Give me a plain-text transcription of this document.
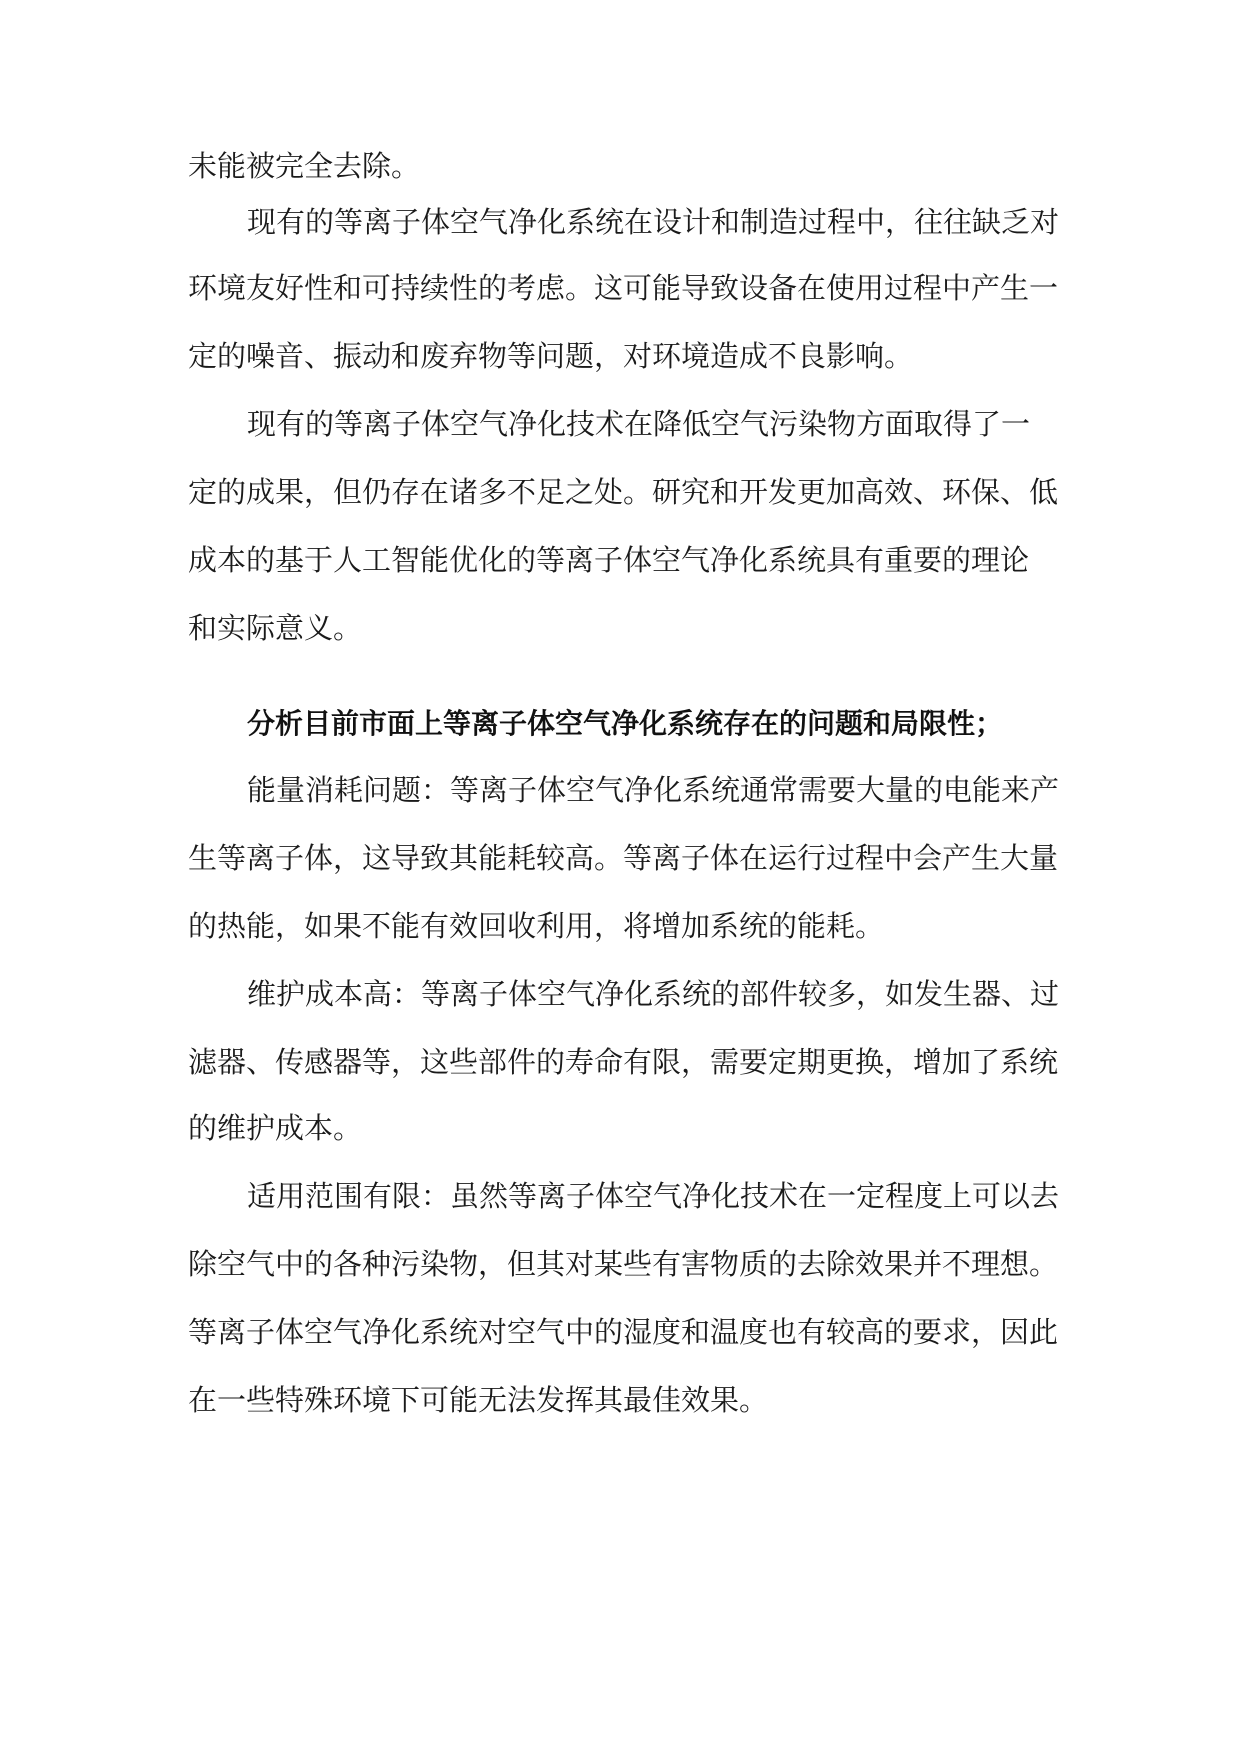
未能被完全去除。

现有的等离子体空气净化系统在设计和制造过程中，往往缺乏对

环境友好性和可持续性的考虑。这可能导致设备在使用过程中产生一

定的噪音、振动和废弃物等问题，对环境造成不良影响。

现有的等离子体空气净化技术在降低空气污染物方面取得了一

定的成果，但仍存在诸多不足之处。研究和开发更加高效、环保、低

成本的基于人工智能优化的等离子体空气净化系统具有重要的理论

和实际意义。

分析目前市面上等离子体空气净化系统存在的问题和局限性；

能量消耗问题：等离子体空气净化系统通常需要大量的电能来产

生等离子体，这导致其能耗较高。等离子体在运行过程中会产生大量

的热能，如果不能有效回收利用，将增加系统的能耗。

维护成本高：等离子体空气净化系统的部件较多，如发生器、过

滤器、传感器等，这些部件的寿命有限，需要定期更换，增加了系统

的维护成本。

适用范围有限：虽然等离子体空气净化技术在一定程度上可以去

除空气中的各种污染物，但其对某些有害物质的去除效果并不理想。

等离子体空气净化系统对空气中的湿度和温度也有较高的要求，因此

在一些特殊环境下可能无法发挥其最佳效果。
